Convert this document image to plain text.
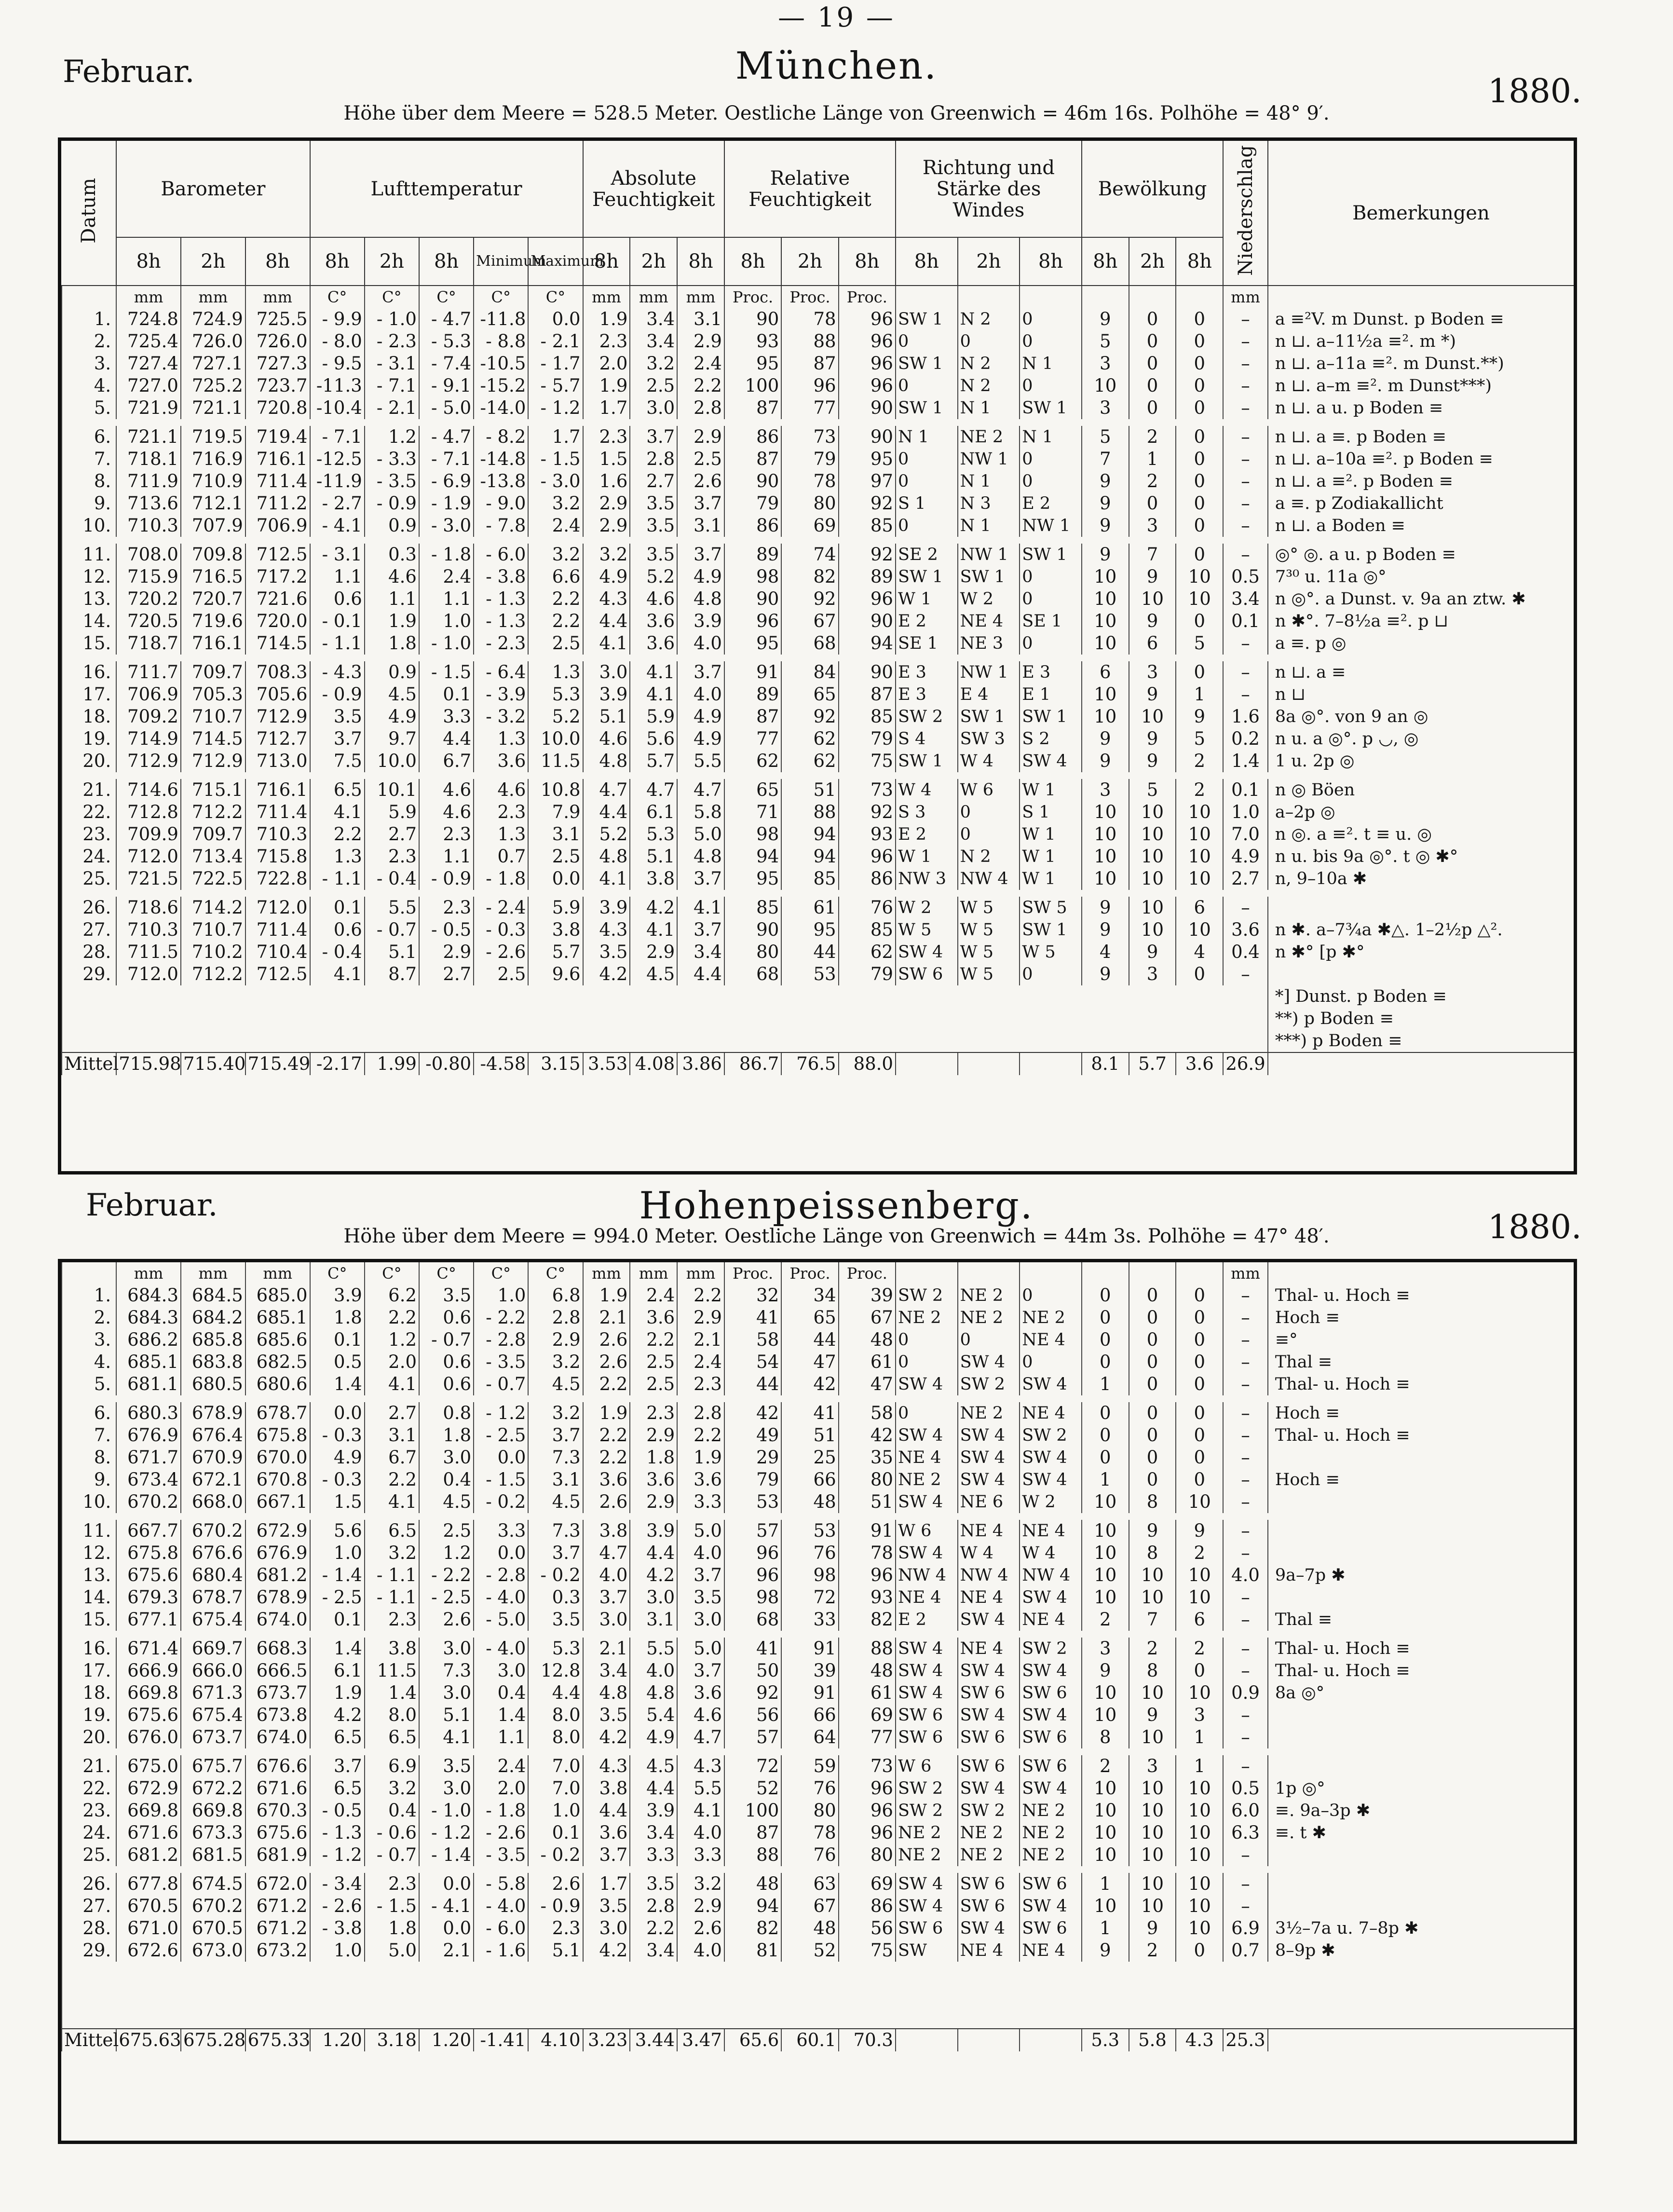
— 19 —
Februar.	München.
1880.
Höhe über dem Meere = 528.5 Meter. Oestliche Länge von Greenwich = 46m 16s. Polhöhe = 48° 9′.
Datum	Barometer			Lufttemperatur					Absolute Feuchtigkeit			Relative Feuchtigkeit			Richtung und Stärke des Windes			Bewölkung			Niederschlag	Bemerkungen
	8h	2h	8h	8h	2h	8h	Minimum	Maximum	8h	2h	8h	8h	2h	8h	8h	2h	8h	8h	2h	8h		
	mm	mm	mm	C°	C°	C°	C°	C°	mm	mm	mm	Proc.	Proc.	Proc.							mm	
1.	724.8	724.9	725.5	- 9.9	- 1.0	- 4.7	-11.8	0.0	1.9	3.4	3.1	90	78	96	SW 1	N 2	0	9	0	0	–	a ≡²V. m Dunst. p Boden ≡
2.	725.4	726.0	726.0	- 8.0	- 2.3	- 5.3	- 8.8	- 2.1	2.3	3.4	2.9	93	88	96	0	0	0	5	0	0	–	n ⊔. a–11½a ≡². m *)
3.	727.4	727.1	727.3	- 9.5	- 3.1	- 7.4	-10.5	- 1.7	2.0	3.2	2.4	95	87	96	SW 1	N 2	N 1	3	0	0	–	n ⊔. a–11a ≡². m Dunst.**)
4.	727.0	725.2	723.7	-11.3	- 7.1	- 9.1	-15.2	- 5.7	1.9	2.5	2.2	100	96	96	0	N 2	0	10	0	0	–	n ⊔. a–m ≡². m Dunst***)
5.	721.9	721.1	720.8	-10.4	- 2.1	- 5.0	-14.0	- 1.2	1.7	3.0	2.8	87	77	90	SW 1	N 1	SW 1	3	0	0	–	n ⊔. a u. p Boden ≡

6.	721.1	719.5	719.4	- 7.1	1.2	- 4.7	- 8.2	1.7	2.3	3.7	2.9	86	73	90	N 1	NE 2	N 1	5	2	0	–	n ⊔. a ≡. p Boden ≡
7.	718.1	716.9	716.1	-12.5	- 3.3	- 7.1	-14.8	- 1.5	1.5	2.8	2.5	87	79	95	0	NW 1	0	7	1	0	–	n ⊔. a–10a ≡². p Boden ≡
8.	711.9	710.9	711.4	-11.9	- 3.5	- 6.9	-13.8	- 3.0	1.6	2.7	2.6	90	78	97	0	N 1	0	9	2	0	–	n ⊔. a ≡². p Boden ≡
9.	713.6	712.1	711.2	- 2.7	- 0.9	- 1.9	- 9.0	3.2	2.9	3.5	3.7	79	80	92	S 1	N 3	E 2	9	0	0	–	a ≡. p Zodiakallicht
10.	710.3	707.9	706.9	- 4.1	0.9	- 3.0	- 7.8	2.4	2.9	3.5	3.1	86	69	85	0	N 1	NW 1	9	3	0	–	n ⊔. a Boden ≡

11.	708.0	709.8	712.5	- 3.1	0.3	- 1.8	- 6.0	3.2	3.2	3.5	3.7	89	74	92	SE 2	NW 1	SW 1	9	7	0	–	◎° ◎. a u. p Boden ≡
12.	715.9	716.5	717.2	1.1	4.6	2.4	- 3.8	6.6	4.9	5.2	4.9	98	82	89	SW 1	SW 1	0	10	9	10	0.5	7³⁰ u. 11a ◎°
13.	720.2	720.7	721.6	0.6	1.1	1.1	- 1.3	2.2	4.3	4.6	4.8	90	92	96	W 1	W 2	0	10	10	10	3.4	n ◎°. a Dunst. v. 9a an ztw. ✱
14.	720.5	719.6	720.0	- 0.1	1.9	1.0	- 1.3	2.2	4.4	3.6	3.9	96	67	90	E 2	NE 4	SE 1	10	9	0	0.1	n ✱°. 7–8½a ≡². p ⊔
15.	718.7	716.1	714.5	- 1.1	1.8	- 1.0	- 2.3	2.5	4.1	3.6	4.0	95	68	94	SE 1	NE 3	0	10	6	5	–	a ≡. p ◎

16.	711.7	709.7	708.3	- 4.3	0.9	- 1.5	- 6.4	1.3	3.0	4.1	3.7	91	84	90	E 3	NW 1	E 3	6	3	0	–	n ⊔. a ≡
17.	706.9	705.3	705.6	- 0.9	4.5	0.1	- 3.9	5.3	3.9	4.1	4.0	89	65	87	E 3	E 4	E 1	10	9	1	–	n ⊔
18.	709.2	710.7	712.9	3.5	4.9	3.3	- 3.2	5.2	5.1	5.9	4.9	87	92	85	SW 2	SW 1	SW 1	10	10	9	1.6	8a ◎°. von 9 an ◎
19.	714.9	714.5	712.7	3.7	9.7	4.4	1.3	10.0	4.6	5.6	4.9	77	62	79	S 4	SW 3	S 2	9	9	5	0.2	n u. a ◎°. p ◡, ◎
20.	712.9	712.9	713.0	7.5	10.0	6.7	3.6	11.5	4.8	5.7	5.5	62	62	75	SW 1	W 4	SW 4	9	9	2	1.4	1 u. 2p ◎

21.	714.6	715.1	716.1	6.5	10.1	4.6	4.6	10.8	4.7	4.7	4.7	65	51	73	W 4	W 6	W 1	3	5	2	0.1	n ◎ Böen
22.	712.8	712.2	711.4	4.1	5.9	4.6	2.3	7.9	4.4	6.1	5.8	71	88	92	S 3	0	S 1	10	10	10	1.0	a–2p ◎
23.	709.9	709.7	710.3	2.2	2.7	2.3	1.3	3.1	5.2	5.3	5.0	98	94	93	E 2	0	W 1	10	10	10	7.0	n ◎. a ≡². t ≡ u. ◎
24.	712.0	713.4	715.8	1.3	2.3	1.1	0.7	2.5	4.8	5.1	4.8	94	94	96	W 1	N 2	W 1	10	10	10	4.9	n u. bis 9a ◎°. t ◎ ✱°
25.	721.5	722.5	722.8	- 1.1	- 0.4	- 0.9	- 1.8	0.0	4.1	3.8	3.7	95	85	86	NW 3	NW 4	W 1	10	10	10	2.7	n, 9–10a ✱

26.	718.6	714.2	712.0	0.1	5.5	2.3	- 2.4	5.9	3.9	4.2	4.1	85	61	76	W 2	W 5	SW 5	9	10	6	–	
27.	710.3	710.7	711.4	0.6	- 0.7	- 0.5	- 0.3	3.8	4.3	4.1	3.7	90	95	85	W 5	W 5	SW 1	9	10	10	3.6	n ✱. a–7¾a ✱△. 1–2½p △².
28.	711.5	710.2	710.4	- 0.4	5.1	2.9	- 2.6	5.7	3.5	2.9	3.4	80	44	62	SW 4	W 5	W 5	4	9	4	0.4	n ✱° [p ✱°
29.	712.0	712.2	712.5	4.1	8.7	2.7	2.5	9.6	4.2	4.5	4.4	68	53	79	SW 6	W 5	0	9	3	0	–	
																						*] Dunst. p Boden ≡
																						**) p Boden ≡
																						***) p Boden ≡
Mittel	715.98	715.40	715.49	-2.17	1.99	-0.80	-4.58	3.15	3.53	4.08	3.86	86.7	76.5	88.0				8.1	5.7	3.6	26.9	
Februar.	Hohenpeissenberg.	1880.
Höhe über dem Meere = 994.0 Meter. Oestliche Länge von Greenwich = 44m 3s. Polhöhe = 47° 48′.
	mm	mm	mm	C°	C°	C°	C°	C°	mm	mm	mm	Proc.	Proc.	Proc.							mm	
1.	684.3	684.5	685.0	3.9	6.2	3.5	1.0	6.8	1.9	2.4	2.2	32	34	39	SW 2	NE 2	0	0	0	0	–	Thal- u. Hoch ≡
2.	684.3	684.2	685.1	1.8	2.2	0.6	- 2.2	2.8	2.1	3.6	2.9	41	65	67	NE 2	NE 2	NE 2	0	0	0	–	Hoch ≡
3.	686.2	685.8	685.6	0.1	1.2	- 0.7	- 2.8	2.9	2.6	2.2	2.1	58	44	48	0	0	NE 4	0	0	0	–	≡°
4.	685.1	683.8	682.5	0.5	2.0	0.6	- 3.5	3.2	2.6	2.5	2.4	54	47	61	0	SW 4	0	0	0	0	–	Thal ≡
5.	681.1	680.5	680.6	1.4	4.1	0.6	- 0.7	4.5	2.2	2.5	2.3	44	42	47	SW 4	SW 2	SW 4	1	0	0	–	Thal- u. Hoch ≡

6.	680.3	678.9	678.7	0.0	2.7	0.8	- 1.2	3.2	1.9	2.3	2.8	42	41	58	0	NE 2	NE 4	0	0	0	–	Hoch ≡
7.	676.9	676.4	675.8	- 0.3	3.1	1.8	- 2.5	3.7	2.2	2.9	2.2	49	51	42	SW 4	SW 4	SW 2	0	0	0	–	Thal- u. Hoch ≡
8.	671.7	670.9	670.0	4.9	6.7	3.0	0.0	7.3	2.2	1.8	1.9	29	25	35	NE 4	SW 4	SW 4	0	0	0	–	
9.	673.4	672.1	670.8	- 0.3	2.2	0.4	- 1.5	3.1	3.6	3.6	3.6	79	66	80	NE 2	SW 4	SW 4	1	0	0	–	Hoch ≡
10.	670.2	668.0	667.1	1.5	4.1	4.5	- 0.2	4.5	2.6	2.9	3.3	53	48	51	SW 4	NE 6	W 2	10	8	10	–	

11.	667.7	670.2	672.9	5.6	6.5	2.5	3.3	7.3	3.8	3.9	5.0	57	53	91	W 6	NE 4	NE 4	10	9	9	–	
12.	675.8	676.6	676.9	1.0	3.2	1.2	0.0	3.7	4.7	4.4	4.0	96	76	78	SW 4	W 4	W 4	10	8	2	–	
13.	675.6	680.4	681.2	- 1.4	- 1.1	- 2.2	- 2.8	- 0.2	4.0	4.2	3.7	96	98	96	NW 4	NW 4	NW 4	10	10	10	4.0	9a–7p ✱
14.	679.3	678.7	678.9	- 2.5	- 1.1	- 2.5	- 4.0	0.3	3.7	3.0	3.5	98	72	93	NE 4	NE 4	SW 4	10	10	10	–	
15.	677.1	675.4	674.0	0.1	2.3	2.6	- 5.0	3.5	3.0	3.1	3.0	68	33	82	E 2	SW 4	NE 4	2	7	6	–	Thal ≡

16.	671.4	669.7	668.3	1.4	3.8	3.0	- 4.0	5.3	2.1	5.5	5.0	41	91	88	SW 4	NE 4	SW 2	3	2	2	–	Thal- u. Hoch ≡
17.	666.9	666.0	666.5	6.1	11.5	7.3	3.0	12.8	3.4	4.0	3.7	50	39	48	SW 4	SW 4	SW 4	9	8	0	–	Thal- u. Hoch ≡
18.	669.8	671.3	673.7	1.9	1.4	3.0	0.4	4.4	4.8	4.8	3.6	92	91	61	SW 4	SW 6	SW 6	10	10	10	0.9	8a ◎°
19.	675.6	675.4	673.8	4.2	8.0	5.1	1.4	8.0	3.5	5.4	4.6	56	66	69	SW 6	SW 4	SW 4	10	9	3	–	
20.	676.0	673.7	674.0	6.5	6.5	4.1	1.1	8.0	4.2	4.9	4.7	57	64	77	SW 6	SW 6	SW 6	8	10	1	–	

21.	675.0	675.7	676.6	3.7	6.9	3.5	2.4	7.0	4.3	4.5	4.3	72	59	73	W 6	SW 6	SW 6	2	3	1	–	
22.	672.9	672.2	671.6	6.5	3.2	3.0	2.0	7.0	3.8	4.4	5.5	52	76	96	SW 2	SW 4	SW 4	10	10	10	0.5	1p ◎°
23.	669.8	669.8	670.3	- 0.5	0.4	- 1.0	- 1.8	1.0	4.4	3.9	4.1	100	80	96	SW 2	SW 2	NE 2	10	10	10	6.0	≡. 9a–3p ✱
24.	671.6	673.3	675.6	- 1.3	- 0.6	- 1.2	- 2.6	0.1	3.6	3.4	4.0	87	78	96	NE 2	NE 2	NE 2	10	10	10	6.3	≡. t ✱
25.	681.2	681.5	681.9	- 1.2	- 0.7	- 1.4	- 3.5	- 0.2	3.7	3.3	3.3	88	76	80	NE 2	NE 2	NE 2	10	10	10	–	

26.	677.8	674.5	672.0	- 3.4	2.3	0.0	- 5.8	2.6	1.7	3.5	3.2	48	63	69	SW 4	SW 6	SW 6	1	10	10	–	
27.	670.5	670.2	671.2	- 2.6	- 1.5	- 4.1	- 4.0	- 0.9	3.5	2.8	2.9	94	67	86	SW 4	SW 6	SW 4	10	10	10	–	
28.	671.0	670.5	671.2	- 3.8	1.8	0.0	- 6.0	2.3	3.0	2.2	2.6	82	48	56	SW 6	SW 4	SW 6	1	9	10	6.9	3½–7a u. 7–8p ✱
29.	672.6	673.0	673.2	1.0	5.0	2.1	- 1.6	5.1	4.2	3.4	4.0	81	52	75	SW	NE 4	NE 4	9	2	0	0.7	8–9p ✱

Mittel	675.63	675.28	675.33	1.20	3.18	1.20	-1.41	4.10	3.23	3.44	3.47	65.6	60.1	70.3				5.3	5.8	4.3	25.3	
